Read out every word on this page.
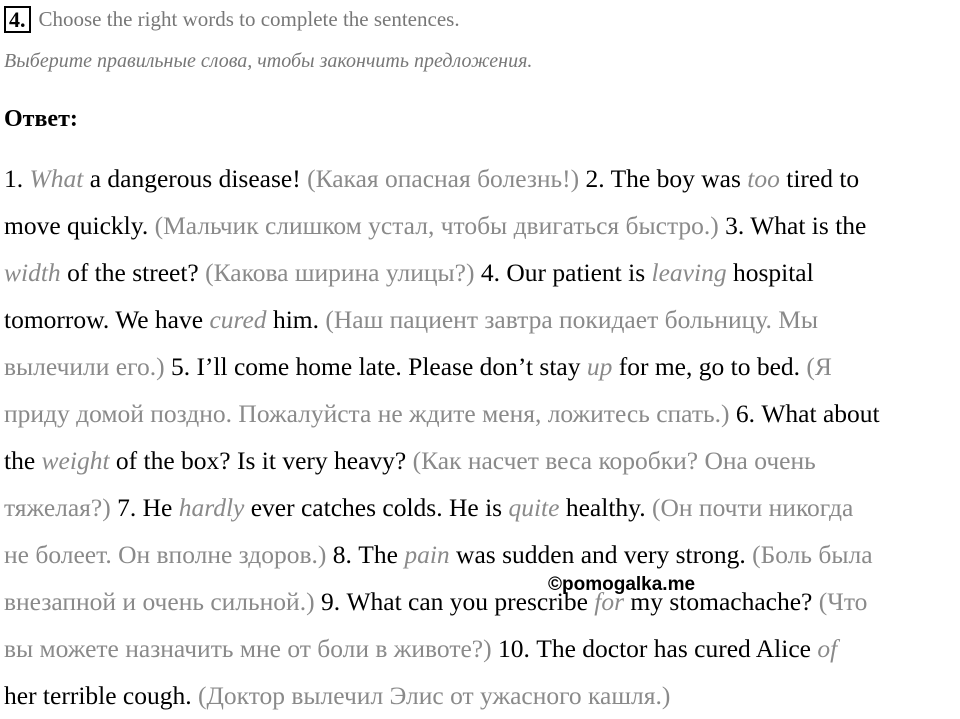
4. Choose the right words to complete the sentences.
Выберите правильные слова, чтобы закончить предложения.
Ответ:
1. What a dangerous disease! (Какая опасная болезнь!) 2. The boy was too tired to
move quickly. (Мальчик слишком устал, чтобы двигаться быстро.) 3. What is the
width of the street? (Какова ширина улицы?) 4. Our patient is leaving hospital
tomorrow. We have cured him. (Наш пациент завтра покидает больницу. Мы
вылечили его.) 5. I’ll come home late. Please don’t stay up for me, go to bed. (Я
приду домой поздно. Пожалуйста не ждите меня, ложитесь спать.) 6. What about
the weight of the box? Is it very heavy? (Как насчет веса коробки? Она очень
тяжелая?) 7. He hardly ever catches colds. He is quite healthy. (Он почти никогда
не болеет. Он вполне здоров.) 8. The pain was sudden and very strong. (Боль была
внезапной и очень сильной.) 9. What can you prescribe for my stomachache? (Что
вы можете назначить мне от боли в животе?) 10. The doctor has cured Alice of
her terrible cough. (Доктор вылечил Элис от ужасного кашля.)
©pomogalka.me
